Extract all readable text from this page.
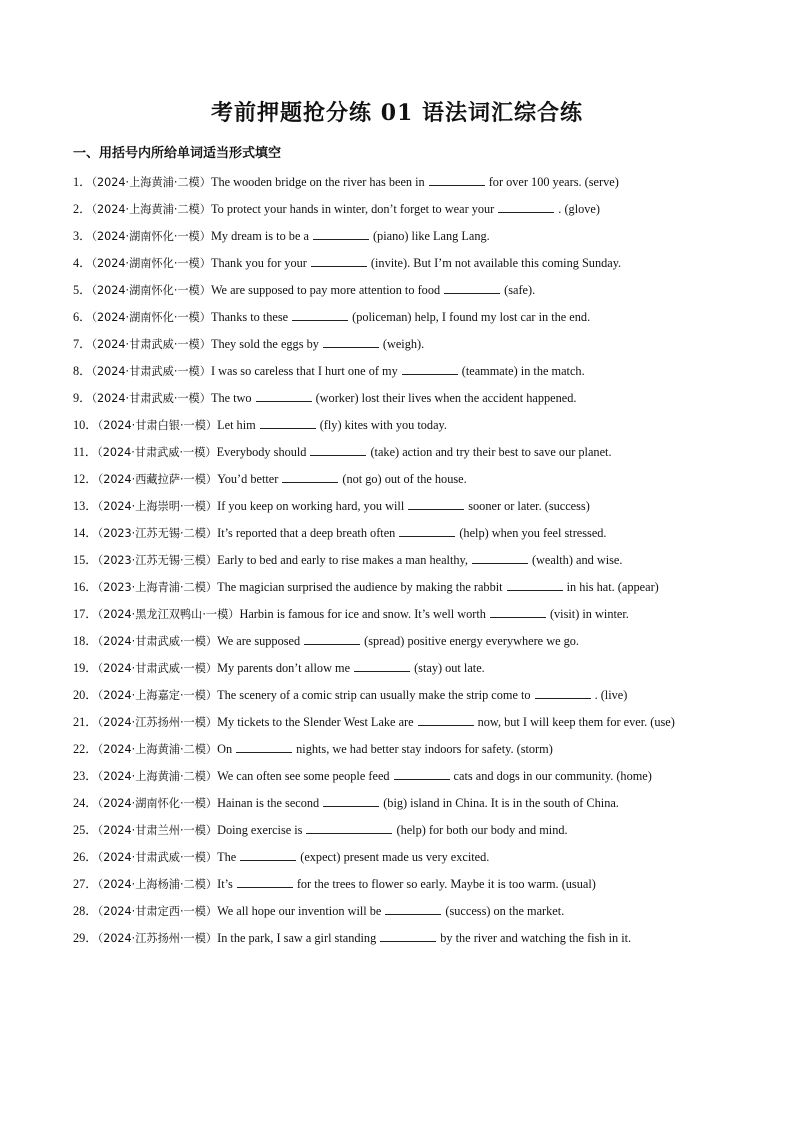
考前押题抢分练 01 语法词汇综合练
一、用括号内所给单词适当形式填空
1．（2024·上海黄浦·二模）The wooden bridge on the river has been in	for over 100 years. (serve)
2．（2024·上海黄浦·二模）To protect your hands in winter, don’t forget to wear your	. (glove)
3．（2024·湖南怀化·一模）My dream is to be a	(piano) like Lang Lang.
4．（2024·湖南怀化·一模）Thank you for your	(invite). But I’m not available this coming Sunday.
5．（2024·湖南怀化·一模）We are supposed to pay more attention to food	(safe).
6．（2024·湖南怀化·一模）Thanks to these	(policeman) help, I found my lost car in the end.
7．（2024·甘肃武威·一模）They sold the eggs by	(weigh).
8．（2024·甘肃武威·一模）I was so careless that I hurt one of my	(teammate) in the match.
9．（2024·甘肃武威·一模）The two	(worker) lost their lives when the accident happened.
10．（2024·甘肃白银·一模）Let him	(fly) kites with you today.
11．（2024·甘肃武威·一模）Everybody should	(take) action and try their best to save our planet.
12．（2024·西藏拉萨·一模）You’d better	(not go) out of the house.
13．（2024·上海崇明·一模）If you keep on working hard, you will	sooner or later. (success)
14．（2023·江苏无锡·二模）It’s reported that a deep breath often	(help) when you feel stressed.
15．（2023·江苏无锡·三模）Early to bed and early to rise makes a man healthy,	(wealth) and wise.
16．（2023·上海青浦·二模）The magician surprised the audience by making the rabbit	in his hat. (appear)
17．（2024·黑龙江双鸭山·一模）Harbin is famous for ice and snow. It’s well worth	(visit) in winter.
18．（2024·甘肃武威·一模）We are supposed	(spread) positive energy everywhere we go.
19．（2024·甘肃武威·一模）My parents don’t allow me	(stay) out late.
20．（2024·上海嘉定·一模）The scenery of a comic strip can usually make the strip come to	. (live)
21．（2024·江苏扬州·一模）My tickets to the Slender West Lake are	now, but I will keep them for ever. (use)
22．（2024·上海黄浦·二模）On	nights, we had better stay indoors for safety. (storm)
23．（2024·上海黄浦·二模）We can often see some people feed	cats and dogs in our community. (home)
24．（2024·湖南怀化·一模）Hainan is the second	(big) island in China. It is in the south of China.
25．（2024·甘肃兰州·一模）Doing exercise is	(help) for both our body and mind.
26．（2024·甘肃武威·一模）The	(expect) present made us very excited.
27．（2024·上海杨浦·二模）It’s	for the trees to flower so early. Maybe it is too warm. (usual)
28．（2024·甘肃定西·一模）We all hope our invention will be	(success) on the market.
29．（2024·江苏扬州·一模）In the park, I saw a girl standing	by the river and watching the fish in it.
